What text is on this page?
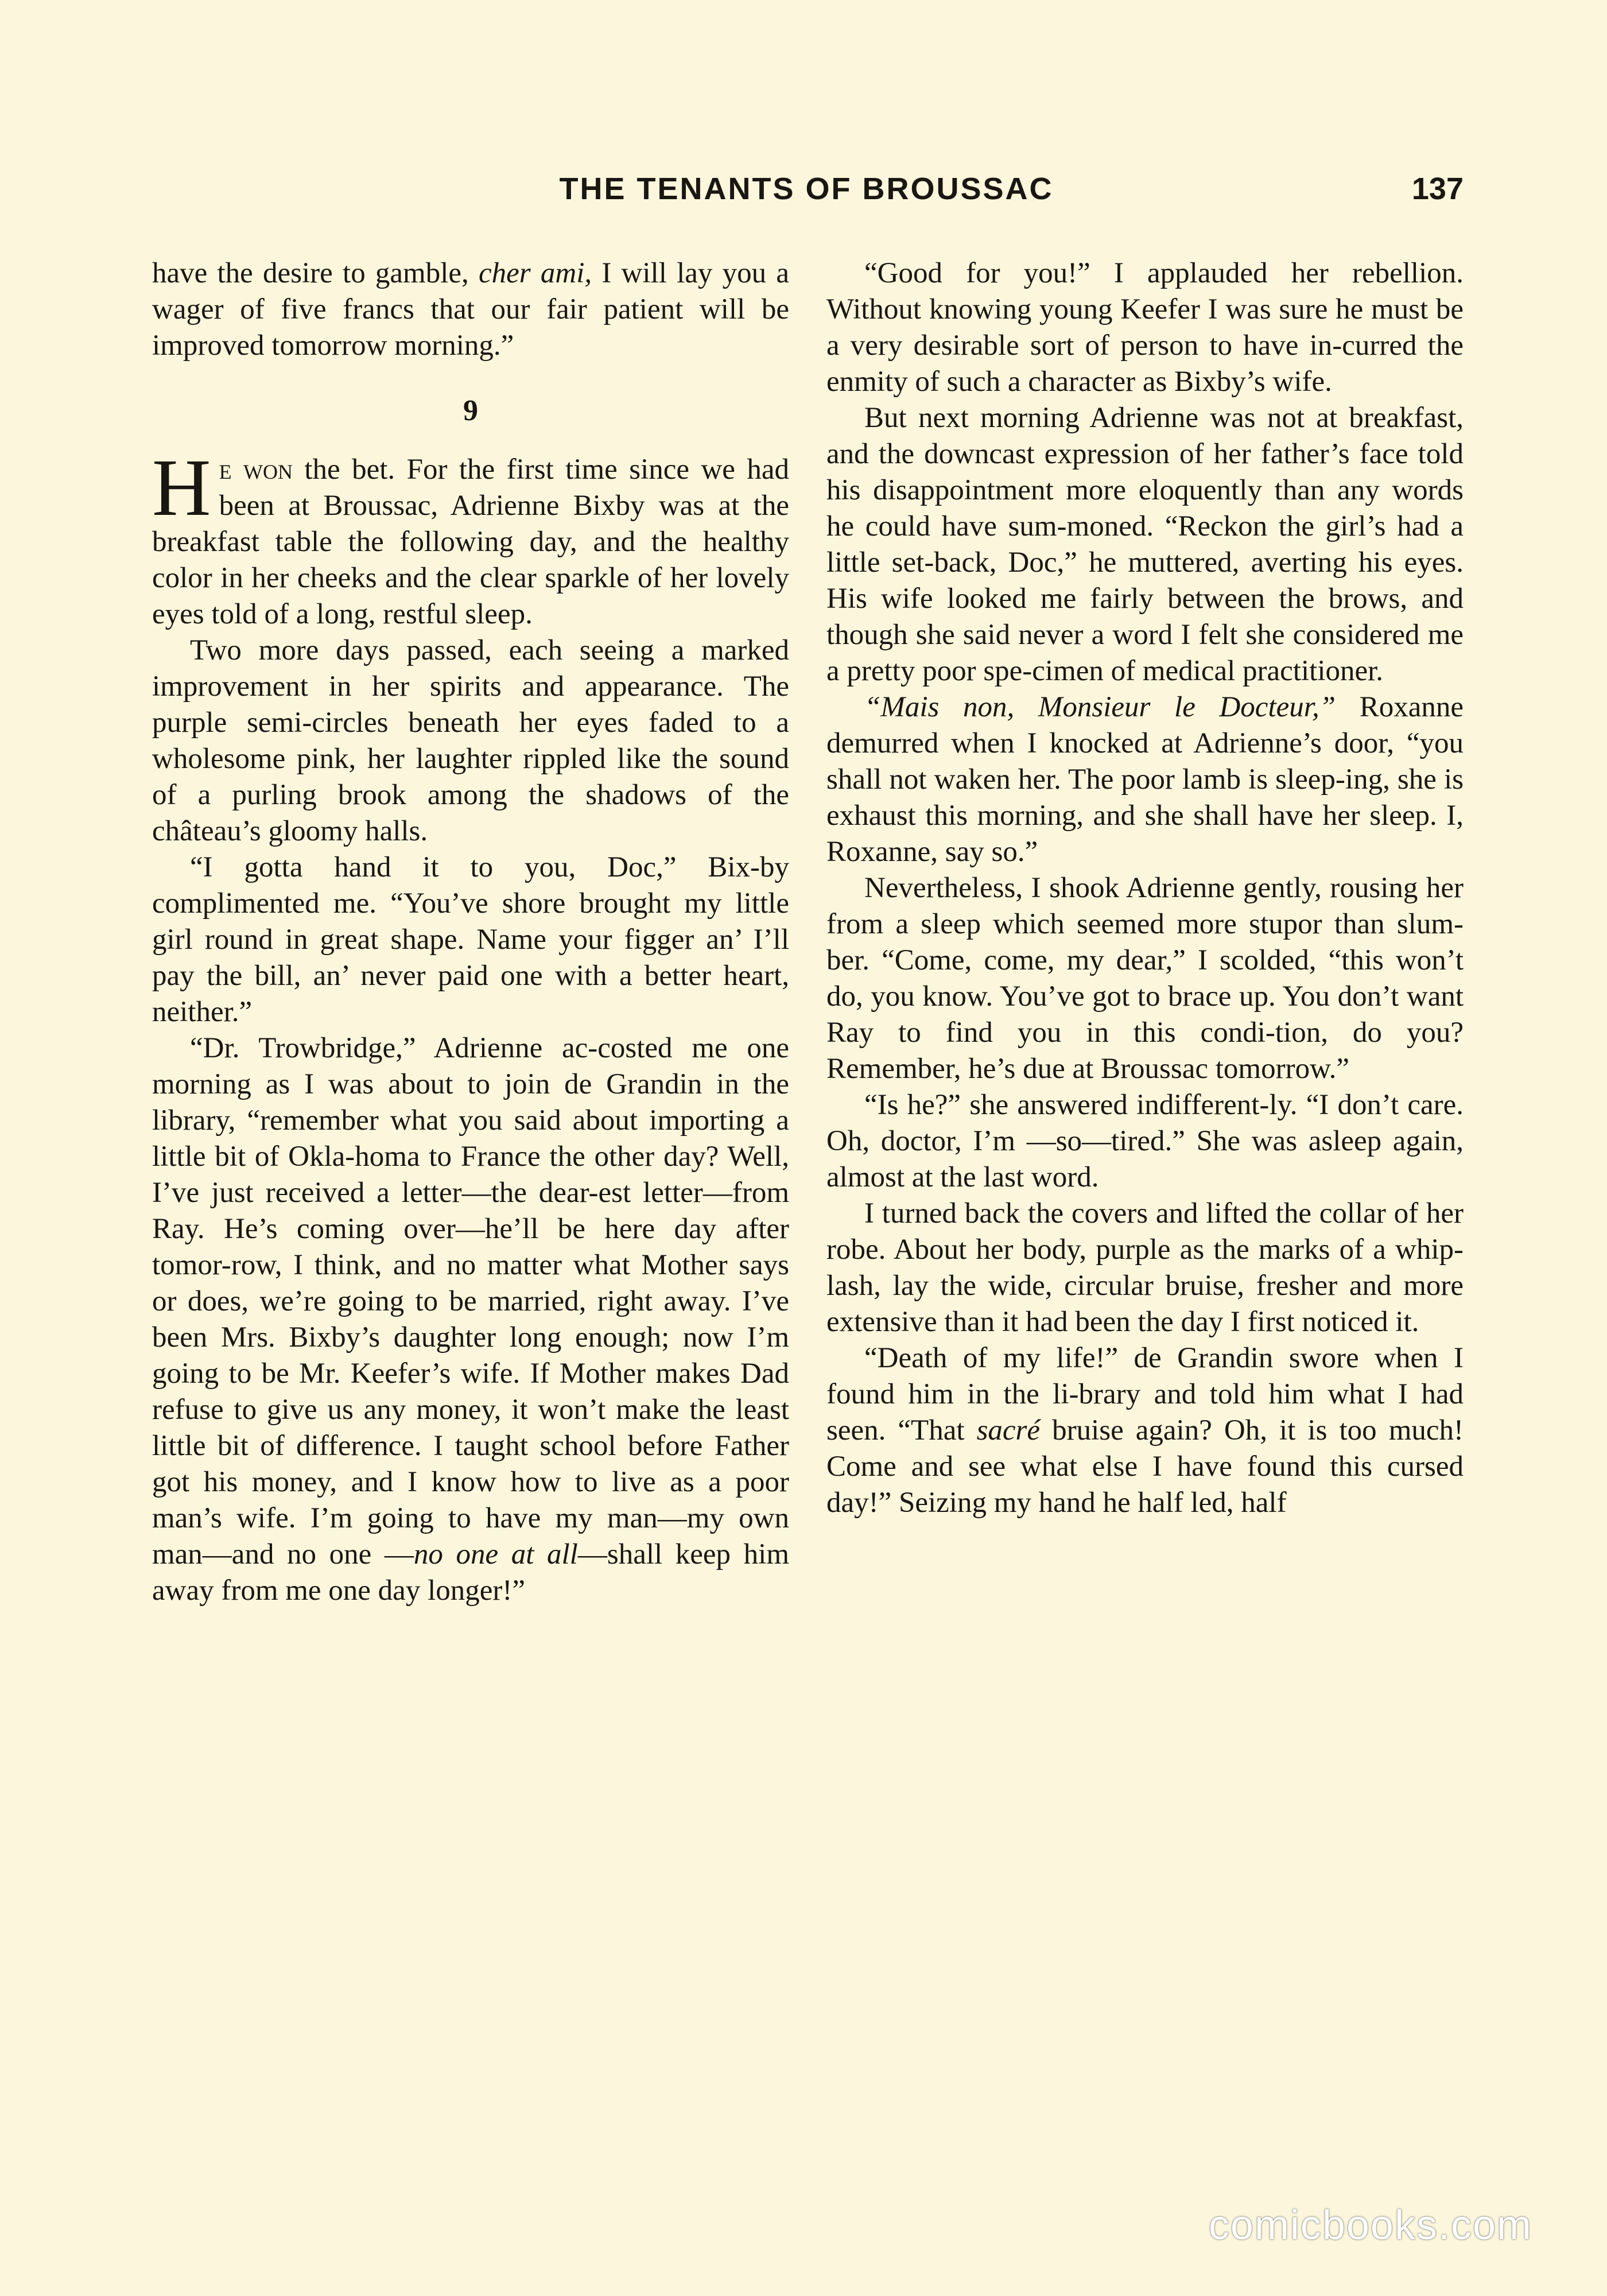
THE TENANTS OF BROUSSAC	137

have the desire to gamble, cher ami, I will lay you a wager of five francs that our fair patient will be improved tomorrow morning.”

9

He won the bet. For the first time since we had been at Broussac, Adrienne Bixby was at the breakfast table the following day, and the healthy color in her cheeks and the clear sparkle of her lovely eyes told of a long, restful sleep.

Two more days passed, each seeing a marked improvement in her spirits and appearance. The purple semi-circles beneath her eyes faded to a wholesome pink, her laughter rippled like the sound of a purling brook among the shadows of the château’s gloomy halls.

“I gotta hand it to you, Doc,” Bix-by complimented me. “You’ve shore brought my little girl round in great shape. Name your figger an’ I’ll pay the bill, an’ never paid one with a better heart, neither.”

“Dr. Trowbridge,” Adrienne ac-costed me one morning as I was about to join de Grandin in the library, “remember what you said about importing a little bit of Okla-homa to France the other day? Well, I’ve just received a letter—the dear-est letter—from Ray. He’s coming over—he’ll be here day after tomor-row, I think, and no matter what Mother says or does, we’re going to be married, right away. I’ve been Mrs. Bixby’s daughter long enough; now I’m going to be Mr. Keefer’s wife. If Mother makes Dad refuse to give us any money, it won’t make the least little bit of difference. I taught school before Father got his money, and I know how to live as a poor man’s wife. I’m going to have my man—my own man—and no one —no one at all—shall keep him away from me one day longer!”

“Good for you!” I applauded her rebellion. Without knowing young Keefer I was sure he must be a very desirable sort of person to have in-curred the enmity of such a character as Bixby’s wife.

But next morning Adrienne was not at breakfast, and the downcast expression of her father’s face told his disappointment more eloquently than any words he could have sum-moned. “Reckon the girl’s had a little set-back, Doc,” he muttered, averting his eyes. His wife looked me fairly between the brows, and though she said never a word I felt she considered me a pretty poor spe-cimen of medical practitioner.

“Mais non, Monsieur le Docteur,” Roxanne demurred when I knocked at Adrienne’s door, “you shall not waken her. The poor lamb is sleep-ing, she is exhaust this morning, and she shall have her sleep. I, Roxanne, say so.”

Nevertheless, I shook Adrienne gently, rousing her from a sleep which seemed more stupor than slum-ber. “Come, come, my dear,” I scolded, “this won’t do, you know. You’ve got to brace up. You don’t want Ray to find you in this condi-tion, do you? Remember, he’s due at Broussac tomorrow.”

“Is he?” she answered indifferent-ly. “I don’t care. Oh, doctor, I’m —so—tired.” She was asleep again, almost at the last word.

I turned back the covers and lifted the collar of her robe. About her body, purple as the marks of a whip-lash, lay the wide, circular bruise, fresher and more extensive than it had been the day I first noticed it.

“Death of my life!” de Grandin swore when I found him in the li-brary and told him what I had seen. “That sacré bruise again? Oh, it is too much! Come and see what else I have found this cursed day!” Seizing my hand he half led, half

comicbooks.com
